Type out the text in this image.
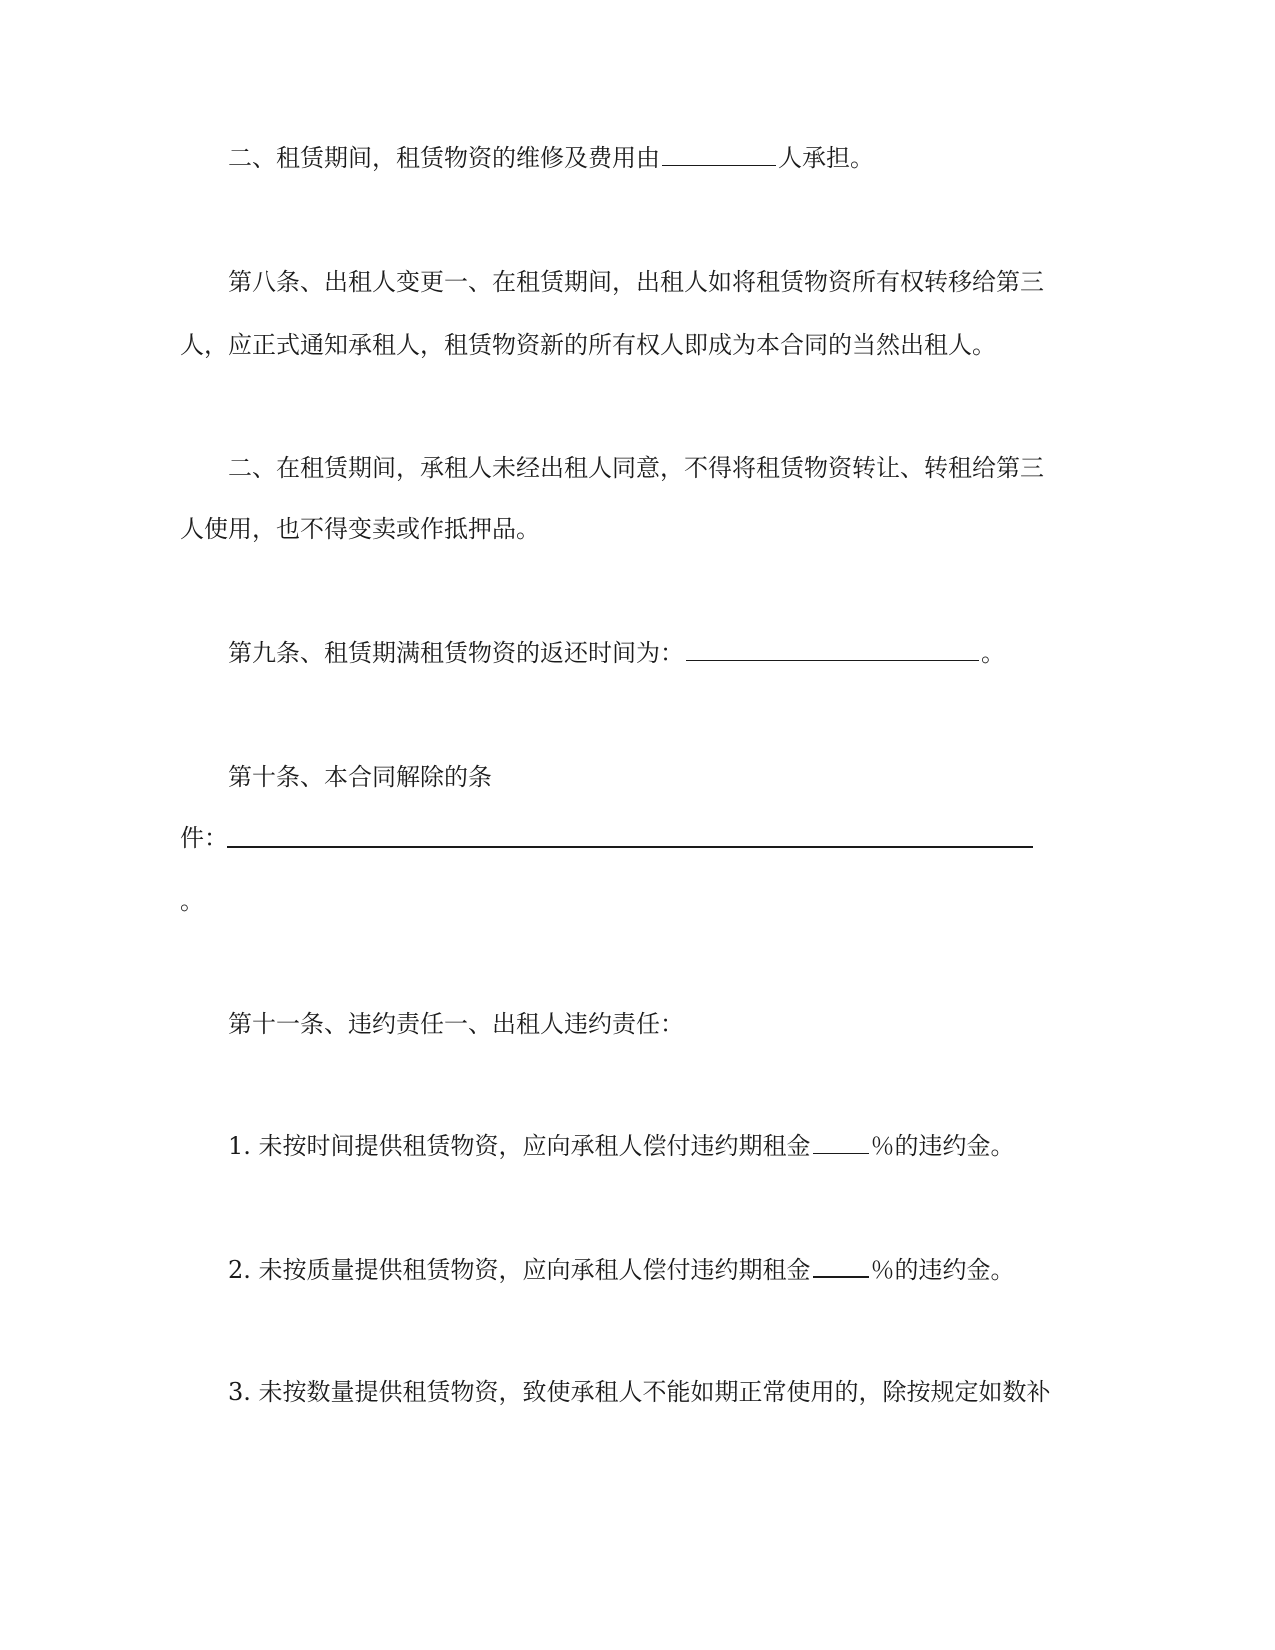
二、租赁期间，租赁物资的维修及费用由	人承担。
第八条、出租人变更一、在租赁期间，出租人如将租赁物资所有权转移给第三
人，应正式通知承租人，租赁物资新的所有权人即成为本合同的当然出租人。
二、在租赁期间，承租人未经出租人同意，不得将租赁物资转让、转租给第三
人使用，也不得变卖或作抵押品。
第九条、租赁期满租赁物资的返还时间为：	。
第十条、本合同解除的条
件：
。
第十一条、违约责任一、出租人违约责任：
1. 未按时间提供租赁物资，应向承租人偿付违约期租金	％的违约金。
2. 未按质量提供租赁物资，应向承租人偿付违约期租金	％的违约金。
3. 未按数量提供租赁物资，致使承租人不能如期正常使用的，除按规定如数补
